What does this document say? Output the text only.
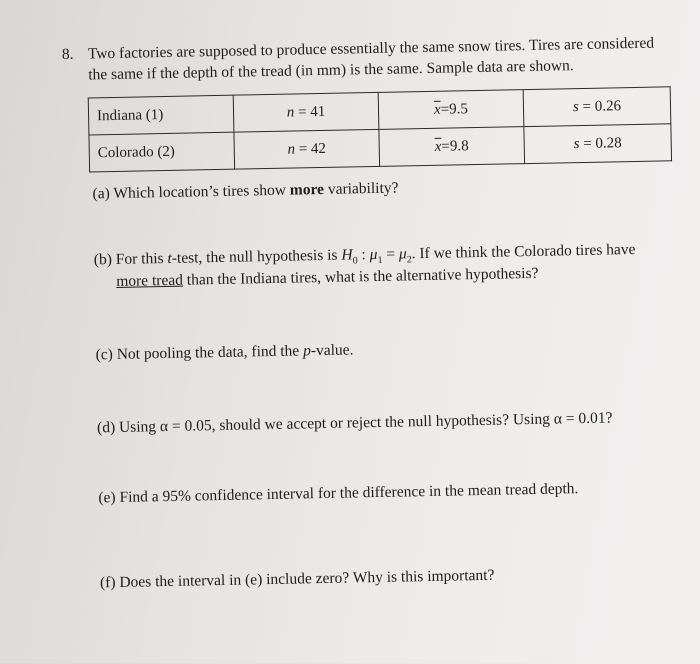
8. Two factories are supposed to produce essentially the same snow tires. Tires are considered
the same if the depth of the tread (in mm) is the same. Sample data are shown.
Indiana (1)	n = 41	$\overline{x}=9.5$	s = 0.26
Colorado (2)	n = 42	$\overline{x}=9.8$	s = 0.28
(a) Which location’s tires show more variability?
(b) For this t-test, the null hypothesis is $H_0$ : $\mu_1 = \mu_2$. If we think the Colorado tires have
more tread than the Indiana tires, what is the alternative hypothesis?
(c) Not pooling the data, find the p-value.
(d) Using α = 0.05, should we accept or reject the null hypothesis? Using α = 0.01?
(e) Find a 95% confidence interval for the difference in the mean tread depth.
(f) Does the interval in (e) include zero? Why is this important?
